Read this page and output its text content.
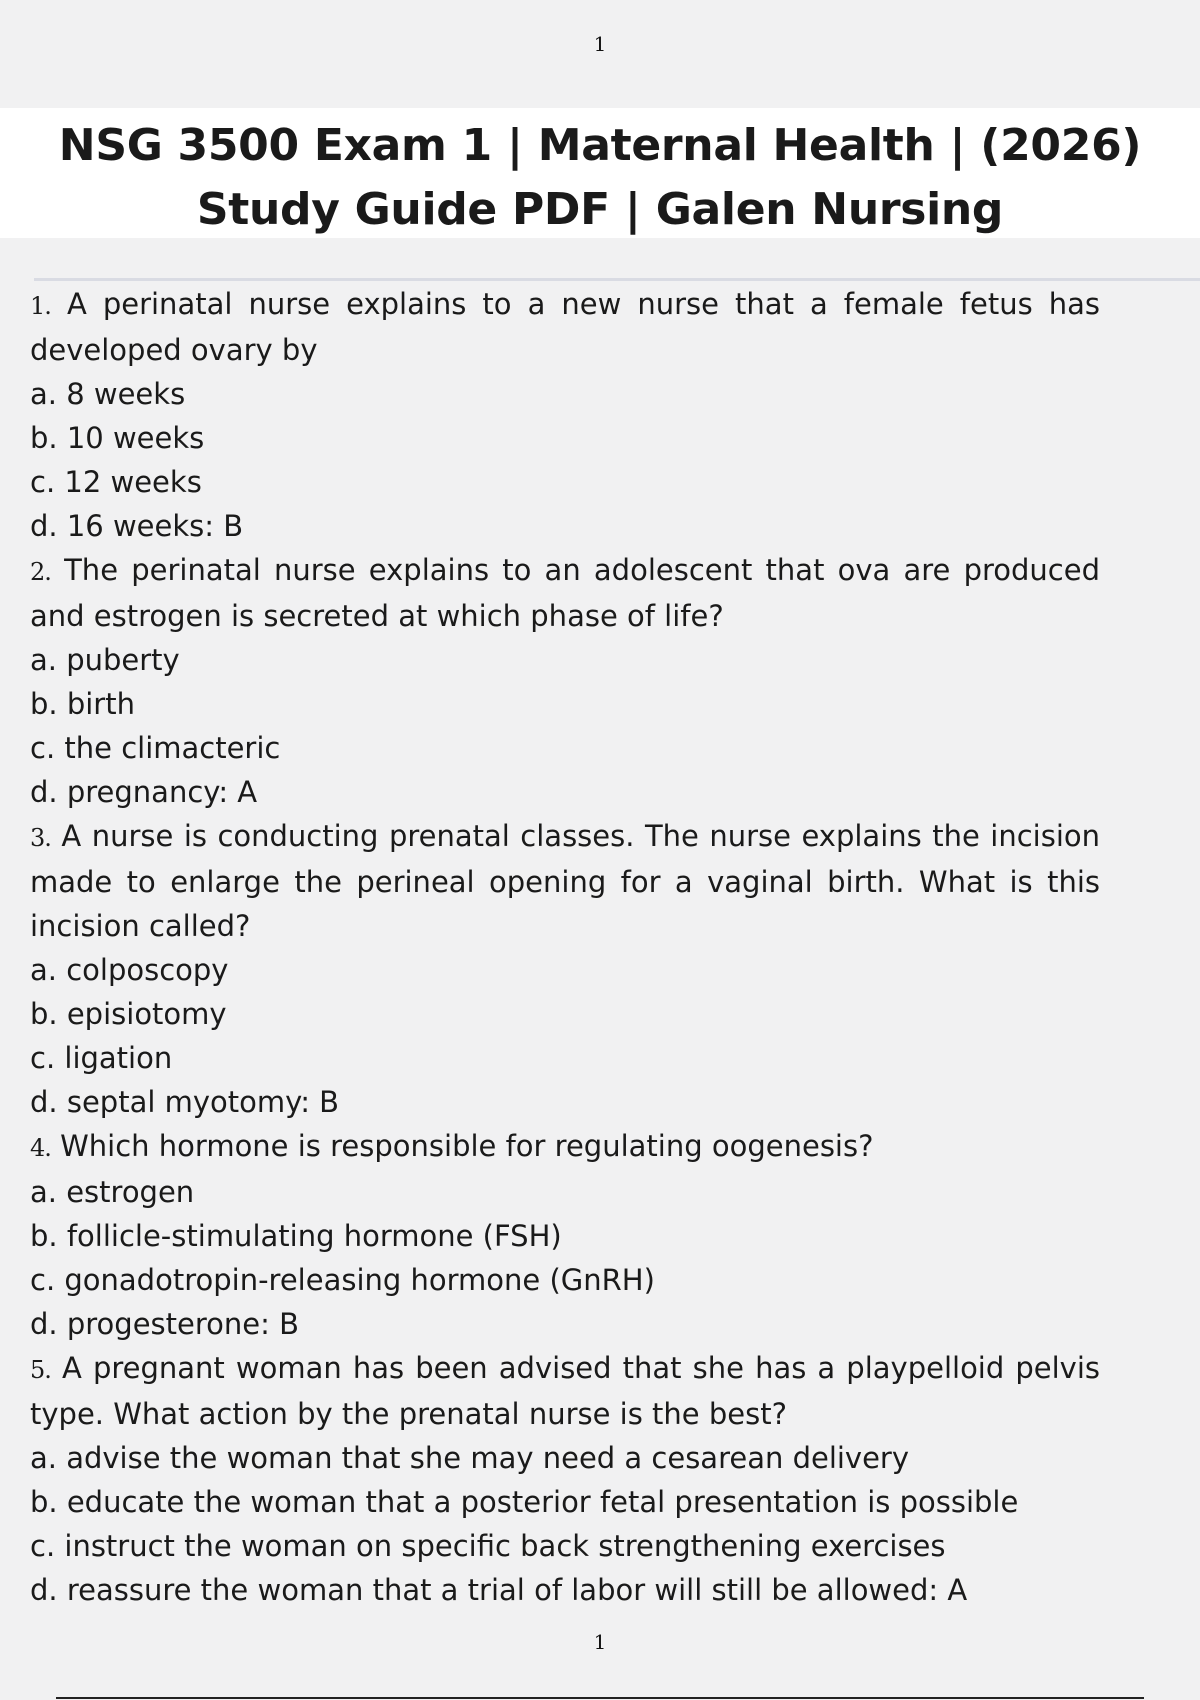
1
NSG 3500 Exam 1 | Maternal Health | (2026) Study Guide PDF | Galen Nursing

1. A perinatal nurse explains to a new nurse that a female fetus has developed ovary by

a. 8 weeks

b. 10 weeks

c. 12 weeks

d. 16 weeks: B

2. The perinatal nurse explains to an adolescent that ova are produced and estrogen is secreted at which phase of life?

a. puberty

b. birth

c. the climacteric

d. pregnancy: A

3. A nurse is conducting prenatal classes. The nurse explains the incision made to enlarge the perineal opening for a vaginal birth. What is this incision called?

a. colposcopy

b. episiotomy

c. ligation

d. septal myotomy: B

4. Which hormone is responsible for regulating oogenesis?

a. estrogen

b. follicle-stimulating hormone (FSH)

c. gonadotropin-releasing hormone (GnRH)

d. progesterone: B

5. A pregnant woman has been advised that she has a playpelloid pelvis type. What action by the prenatal nurse is the best?

a. advise the woman that she may need a cesarean delivery

b. educate the woman that a posterior fetal presentation is possible

c. instruct the woman on specific back strengthening exercises

d. reassure the woman that a trial of labor will still be allowed: A

1
